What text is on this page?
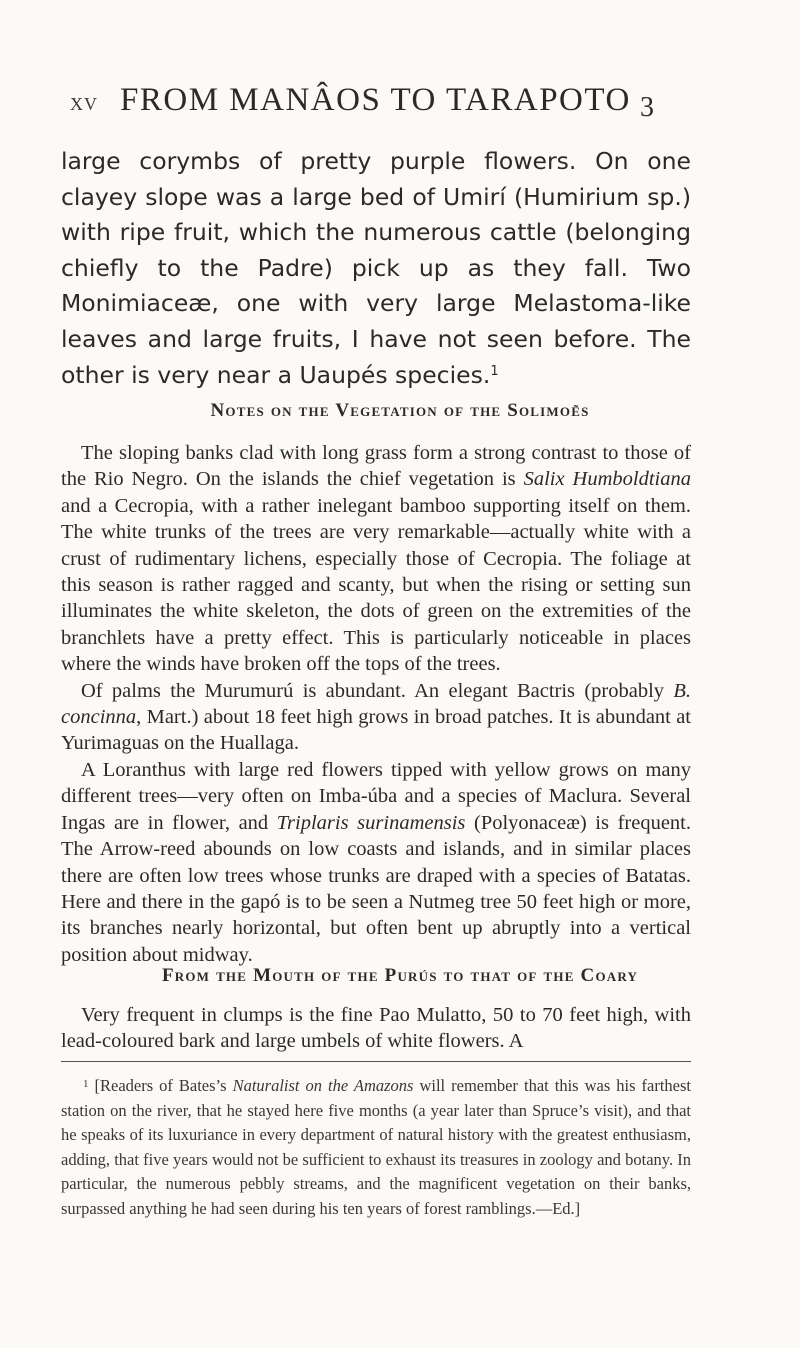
XV FROM MANÂOS TO TARAPOTO 3

large corymbs of pretty purple flowers. On one clayey slope was a large bed of Umirí (Humirium sp.) with ripe fruit, which the numerous cattle (belonging chiefly to the Padre) pick up as they fall. Two Monimiaceæ, one with very large Melastoma-like leaves and large fruits, I have not seen before. The other is very near a Uaupés species.$^1$

Notes on the Vegetation of the Solimoẽs

The sloping banks clad with long grass form a strong contrast to those of the Rio Negro. On the islands the chief vegetation is Salix Humboldtiana and a Cecropia, with a rather inelegant bamboo supporting itself on them. The white trunks of the trees are very remarkable—actually white with a crust of rudimentary lichens, especially those of Cecropia. The foliage at this season is rather ragged and scanty, but when the rising or setting sun illuminates the white skeleton, the dots of green on the extremities of the branchlets have a pretty effect. This is particularly noticeable in places where the winds have broken off the tops of the trees.

Of palms the Murumurú is abundant. An elegant Bactris (probably B. concinna, Mart.) about 18 feet high grows in broad patches. It is abundant at Yurimaguas on the Huallaga.

A Loranthus with large red flowers tipped with yellow grows on many different trees—very often on Imba-úba and a species of Maclura. Several Ingas are in flower, and Triplaris surinamensis (Polyonaceæ) is frequent. The Arrow-reed abounds on low coasts and islands, and in similar places there are often low trees whose trunks are draped with a species of Batatas. Here and there in the gapó is to be seen a Nutmeg tree 50 feet high or more, its branches nearly horizontal, but often bent up abruptly into a vertical position about midway.

From the Mouth of the Purús to that of the Coary

Very frequent in clumps is the fine Pao Mulatto, 50 to 70 feet high, with lead-coloured bark and large umbels of white flowers. A

$^1$ [Readers of Bates’s Naturalist on the Amazons will remember that this was his farthest station on the river, that he stayed here five months (a year later than Spruce’s visit), and that he speaks of its luxuriance in every department of natural history with the greatest enthusiasm, adding, that five years would not be sufficient to exhaust its treasures in zoology and botany. In particular, the numerous pebbly streams, and the magnificent vegetation on their banks, surpassed anything he had seen during his ten years of forest ramblings.—Ed.]
